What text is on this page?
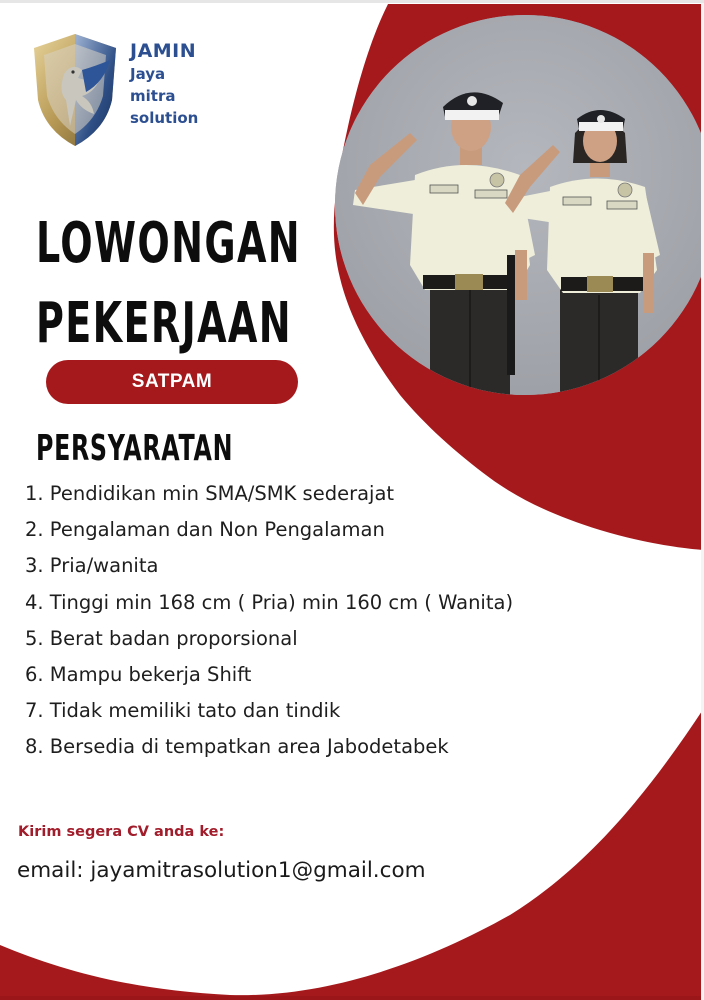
JAMIN
Jaya
mitra
solution
LOWONGAN
PEKERJAAN
SATPAM
PERSYARATAN
1. Pendidikan min SMA/SMK sederajat
2. Pengalaman dan Non Pengalaman
3. Pria/wanita
4. Tinggi min 168 cm ( Pria) min 160 cm ( Wanita)
5. Berat badan proporsional
6. Mampu bekerja Shift
7. Tidak memiliki tato dan tindik
8. Bersedia di tempatkan area Jabodetabek
Kirim segera CV anda ke:
email: jayamitrasolution1@gmail.com
